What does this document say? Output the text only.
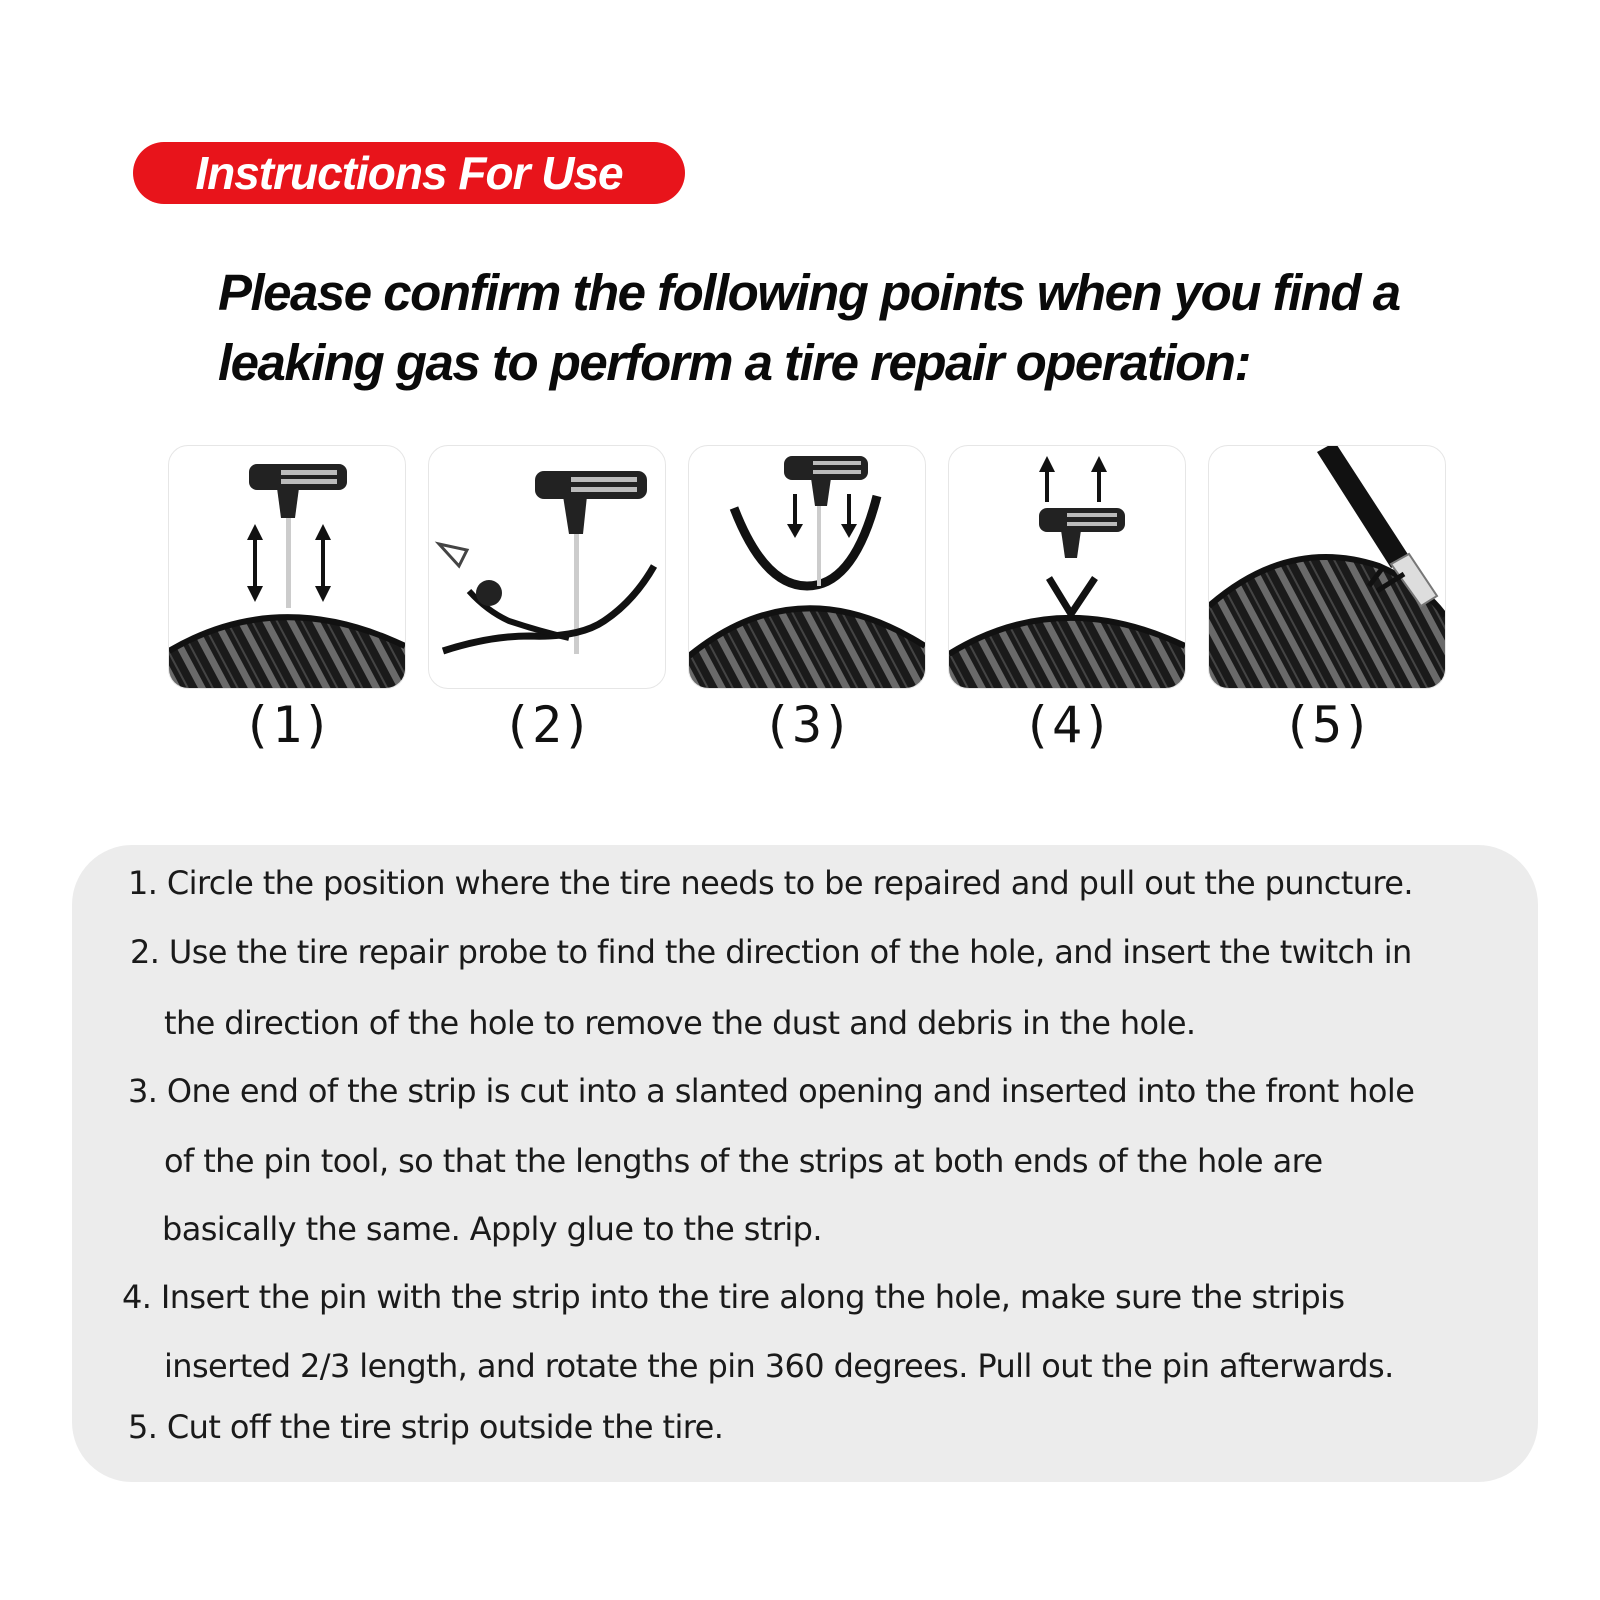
Instructions For Use
Please confirm the following points when you find a
leaking gas to perform a tire repair operation:
(1)	(2)	(3)	(4)	(5)
1. Circle the position where the tire needs to be repaired and pull out the puncture.
2. Use the tire repair probe to find the direction of the hole, and insert the twitch in
the direction of the hole to remove the dust and debris in the hole.
3. One end of the strip is cut into a slanted opening and inserted into the front hole
of the pin tool, so that the lengths of the strips at both ends of the hole are
basically the same. Apply glue to the strip.
4. Insert the pin with the strip into the tire along the hole, make sure the stripis
inserted 2/3 length, and rotate the pin 360 degrees. Pull out the pin afterwards.
5. Cut off the tire strip outside the tire.
